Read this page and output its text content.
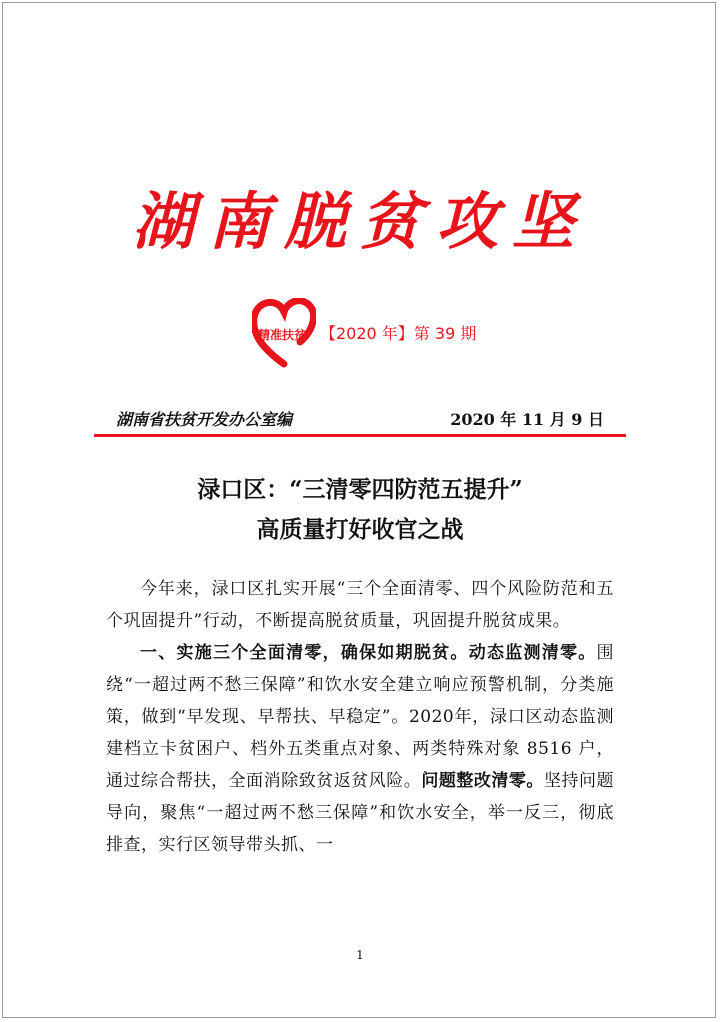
湖南脱贫攻坚
精准扶贫 【2020 年】第 39 期
湖南省扶贫开发办公室编	2020 年 11 月 9 日
渌口区：“三清零四防范五提升”
高质量打好收官之战

今年来，渌口区扎实开展“三个全面清零、四个风险防范和五个巩固提升”行动，不断提高脱贫质量，巩固提升脱贫成果。

一、实施三个全面清零，确保如期脱贫。动态监测清零。围绕“一超过两不愁三保障”和饮水安全建立响应预警机制，分类施策，做到“早发现、早帮扶、早稳定”。2020年，渌口区动态监测建档立卡贫困户、档外五类重点对象、两类特殊对象 8516 户，通过综合帮扶，全面消除致贫返贫风险。问题整改清零。坚持问题导向，聚焦“一超过两不愁三保障”和饮水安全，举一反三，彻底排查，实行区领导带头抓、一

1
